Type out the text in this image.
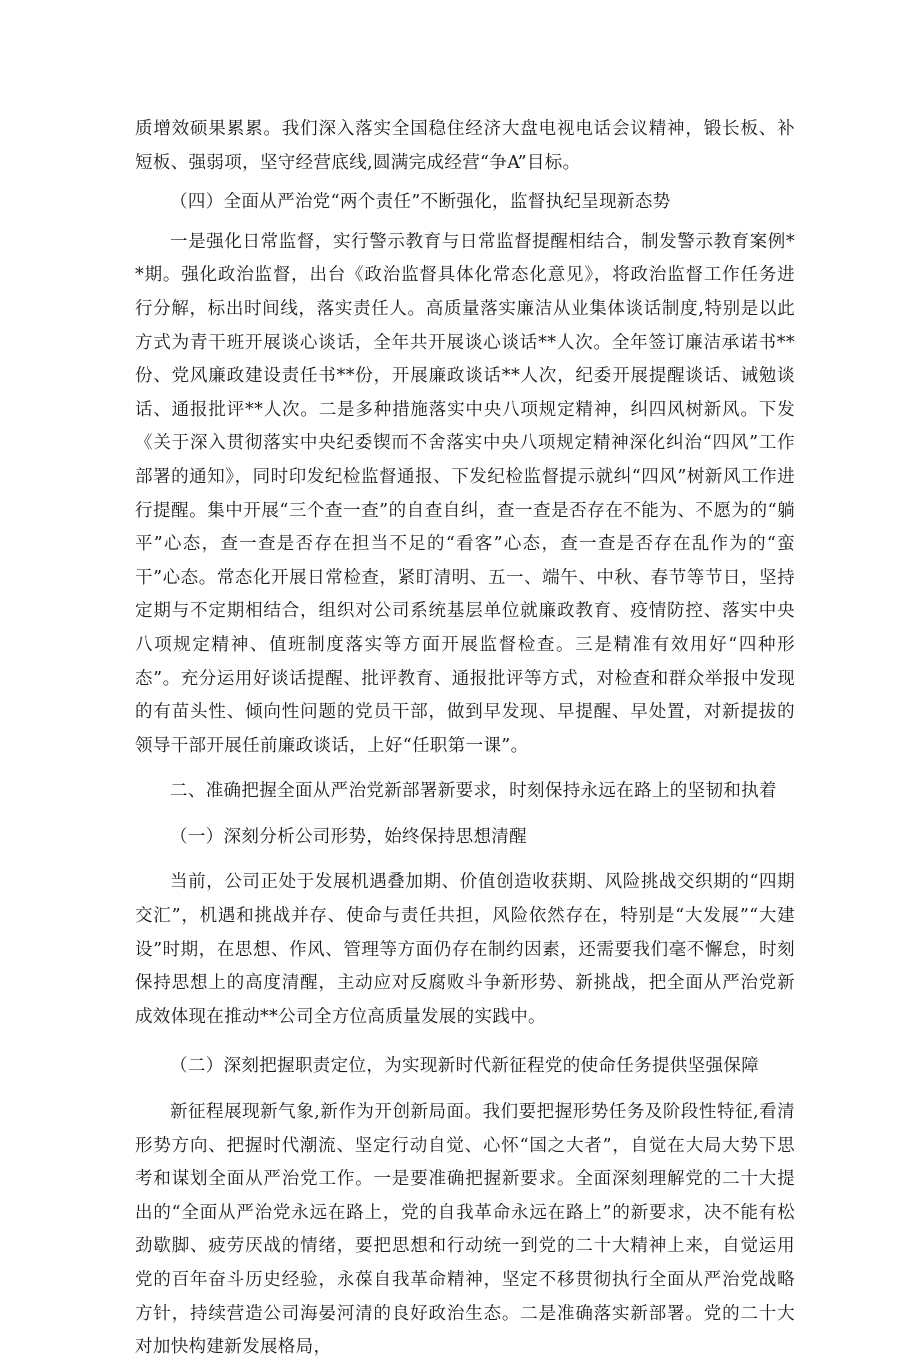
质增效硕果累累。我们深入落实全国稳住经济大盘电视电话会议精神，锻长板、补短板、强弱项，坚守经营底线,圆满完成经营“争A”目标。

（四）全面从严治党“两个责任”不断强化，监督执纪呈现新态势

一是强化日常监督，实行警示教育与日常监督提醒相结合，制发警示教育案例**期。强化政治监督，出台《政治监督具体化常态化意见》，将政治监督工作任务进行分解，标出时间线，落实责任人。高质量落实廉洁从业集体谈话制度,特别是以此方式为青干班开展谈心谈话，全年共开展谈心谈话**人次。全年签订廉洁承诺书**份、党风廉政建设责任书**份，开展廉政谈话**人次，纪委开展提醒谈话、诫勉谈话、通报批评**人次。二是多种措施落实中央八项规定精神，纠四风树新风。下发《关于深入贯彻落实中央纪委锲而不舍落实中央八项规定精神深化纠治“四风”工作部署的通知》，同时印发纪检监督通报、下发纪检监督提示就纠“四风”树新风工作进行提醒。集中开展“三个查一查”的自查自纠，查一查是否存在不能为、不愿为的“躺平”心态，查一查是否存在担当不足的“看客”心态，查一查是否存在乱作为的“蛮干”心态。常态化开展日常检查，紧盯清明、五一、端午、中秋、春节等节日，坚持定期与不定期相结合，组织对公司系统基层单位就廉政教育、疫情防控、落实中央八项规定精神、值班制度落实等方面开展监督检查。三是精准有效用好“四种形态”。充分运用好谈话提醒、批评教育、通报批评等方式，对检查和群众举报中发现的有苗头性、倾向性问题的党员干部，做到早发现、早提醒、早处置，对新提拔的领导干部开展任前廉政谈话，上好“任职第一课”。

二、准确把握全面从严治党新部署新要求，时刻保持永远在路上的坚韧和执着

（一）深刻分析公司形势，始终保持思想清醒

当前，公司正处于发展机遇叠加期、价值创造收获期、风险挑战交织期的“四期交汇”，机遇和挑战并存、使命与责任共担，风险依然存在，特别是“大发展”“大建设”时期，在思想、作风、管理等方面仍存在制约因素，还需要我们毫不懈怠，时刻保持思想上的高度清醒，主动应对反腐败斗争新形势、新挑战，把全面从严治党新成效体现在推动**公司全方位高质量发展的实践中。

（二）深刻把握职责定位，为实现新时代新征程党的使命任务提供坚强保障

新征程展现新气象,新作为开创新局面。我们要把握形势任务及阶段性特征,看清形势方向、把握时代潮流、坚定行动自觉、心怀“国之大者”，自觉在大局大势下思考和谋划全面从严治党工作。一是要准确把握新要求。全面深刻理解党的二十大提出的“全面从严治党永远在路上，党的自我革命永远在路上”的新要求，决不能有松劲歇脚、疲劳厌战的情绪，要把思想和行动统一到党的二十大精神上来，自觉运用党的百年奋斗历史经验，永葆自我革命精神，坚定不移贯彻执行全面从严治党战略方针，持续营造公司海晏河清的良好政治生态。二是准确落实新部署。党的二十大对加快构建新发展格局，
